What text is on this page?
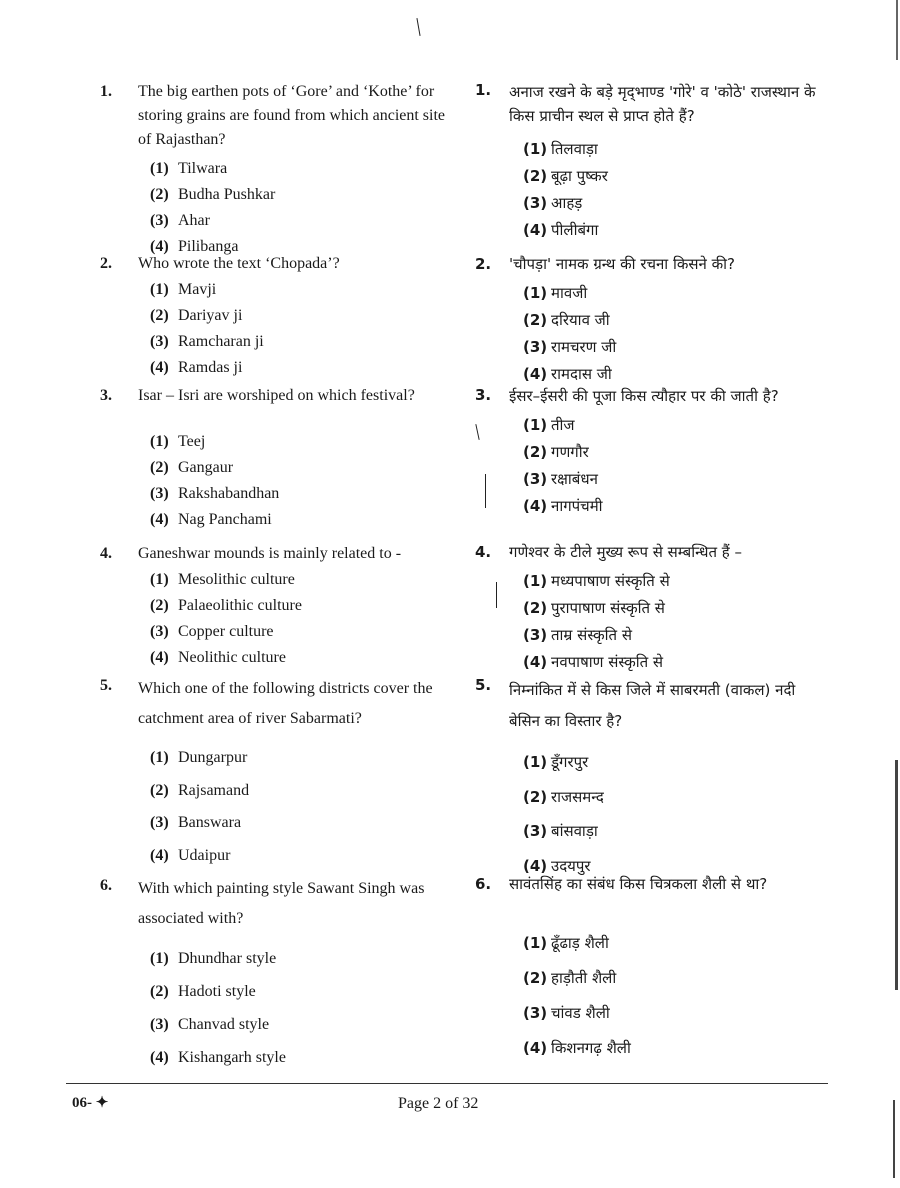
1. The big earthen pots of ‘Gore’ and ‘Kothe’ for storing grains are found from which ancient site of Rajasthan?
(1) Tilwara
(2) Budha Pushkar
(3) Ahar
(4) Pilibanga
1. अनाज रखने के बड़े मृद्‌भाण्ड 'गोरे' व 'कोठे' राजस्थान के किस प्राचीन स्थल से प्राप्त होते हैं?
(1) तिलवाड़ा
(2) बूढ़ा पुष्कर
(3) आहड़
(4) पीलीबंगा
2. Who wrote the text ‘Chopada’?
(1) Mavji
(2) Dariyav ji
(3) Ramcharan ji
(4) Ramdas ji
2. 'चौपड़ा' नामक ग्रन्थ की रचना किसने की?
(1) मावजी
(2) दरियाव जी
(3) रामचरण जी
(4) रामदास जी
3. Isar – Isri are worshiped on which festival?
(1) Teej
(2) Gangaur
(3) Rakshabandhan
(4) Nag Panchami
3. ईसर–ईसरी की पूजा किस त्यौहार पर की जाती है?
(1) तीज
(2) गणगौर
(3) रक्षाबंधन
(4) नागपंचमी
4. Ganeshwar mounds is mainly related to -
(1) Mesolithic culture
(2) Palaeolithic culture
(3) Copper culture
(4) Neolithic culture
4. गणेश्वर के टीले मुख्य रूप से सम्बन्धित हैं –
(1) मध्यपाषाण संस्कृति से
(2) पुरापाषाण संस्कृति से
(3) ताम्र संस्कृति से
(4) नवपाषाण संस्कृति से
5. Which one of the following districts cover the catchment area of river Sabarmati?
(1) Dungarpur
(2) Rajsamand
(3) Banswara
(4) Udaipur
5. निम्नांकित में से किस जिले में साबरमती (वाकल) नदी बेसिन का विस्तार है?
(1) डूँगरपुर
(2) राजसमन्द
(3) बांसवाड़ा
(4) उदयपुर
6. With which painting style Sawant Singh was associated with?
(1) Dhundhar style
(2) Hadoti style
(3) Chanvad style
(4) Kishangarh style
6. सावंतसिंह का संबंध किस चित्रकला शैली से था?
(1) ढूँढाड़ शैली
(2) हाड़ौती शैली
(3) चांवड शैली
(4) किशनगढ़ शैली
06- ✦	Page 2 of 32
